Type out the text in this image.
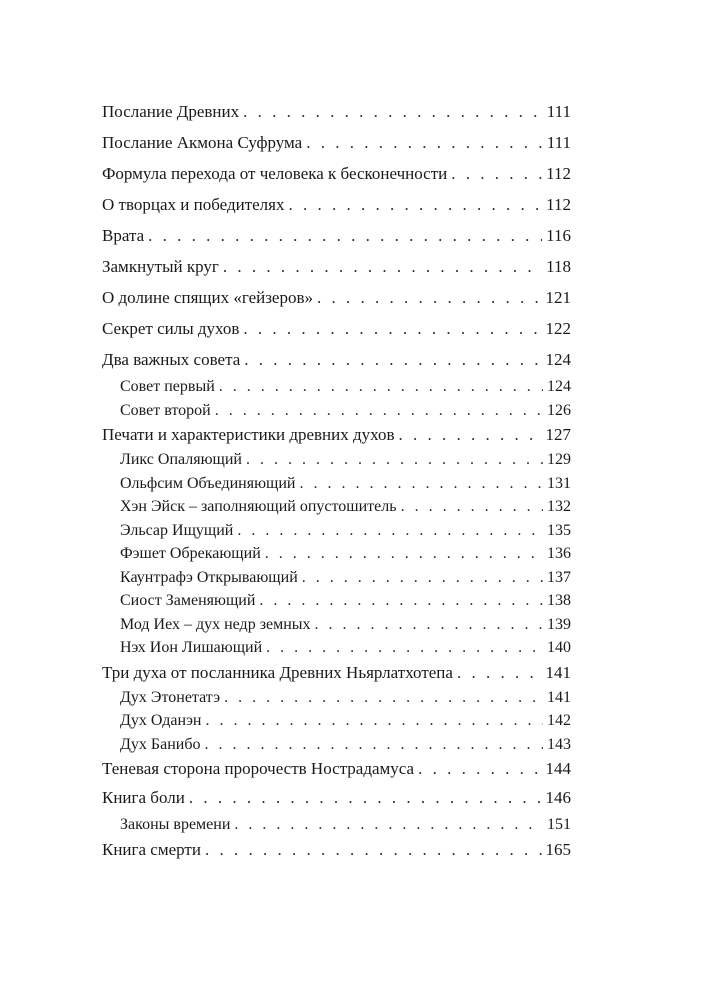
Послание Древних . . .	111
Послание Акмона Суфрума . . .	111
Формула перехода от человека к бесконечности . . .	112
О творцах и победителях . . .	112
Врата . . .	116
Замкнутый круг . . .	118
О долине спящих «гейзеров» . . .	121
Секрет силы духов . . .	122
Два важных совета . . .	124
Совет первый . . .	124
Совет второй . . .	126
Печати и характеристики древних духов . . .	127
Ликс Опаляющий . . .	129
Ольфсим Объединяющий . . .	131
Хэн Эйск – заполняющий опустошитель . . .	132
Эльсар Ищущий . . .	135
Фэшет Обрекающий . . .	136
Каунтрафэ Открывающий . . .	137
Сиост Заменяющий . . .	138
Мод Иех – дух недр земных . . .	139
Нэх Ион Лишающий . . .	140
Три духа от посланника Древних Ньярлатхотепа . . .	141
Дух Этонетатэ . . .	141
Дух Оданэн . . .	142
Дух Банибо . . .	143
Теневая сторона пророчеств Нострадамуса . . .	144
Книга боли . . .	146
Законы времени . . .	151
Книга смерти . . .	165
